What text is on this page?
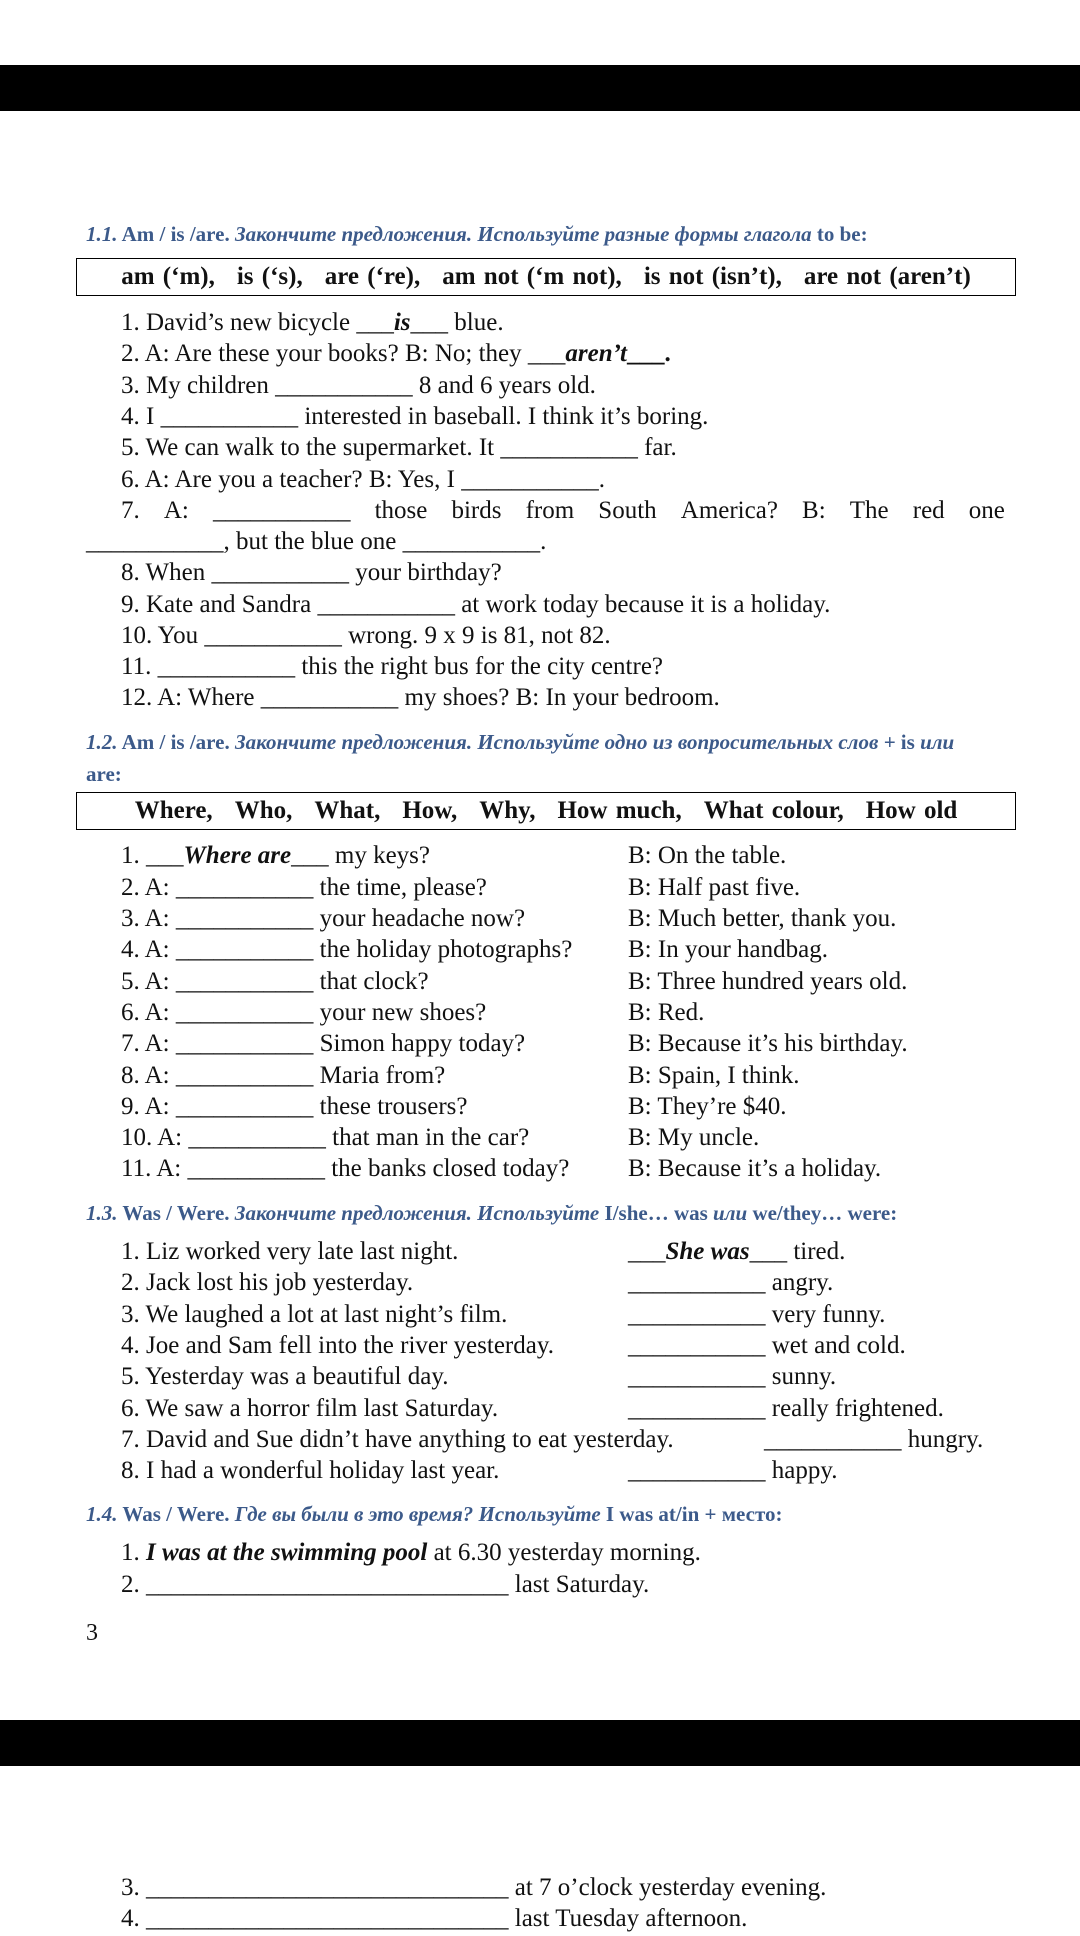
1.1. Am / is /are. Закончите предложения. Используйте разные формы глагола to be:
am (‘m), is (‘s), are (‘re), am not (‘m not), is not (isn’t), are not (aren’t)
1. David’s new bicycle ___is___ blue.
2. A: Are these your books? B: No; they ___aren’t___.
3. My children ___________ 8 and 6 years old.
4. I ___________ interested in baseball. I think it’s boring.
5. We can walk to the supermarket. It ___________ far.
6. A: Are you a teacher? B: Yes, I ___________.
7. A: ___________ those birds from South America? B: The red one
___________, but the blue one ___________.
8. When ___________ your birthday?
9. Kate and Sandra ___________ at work today because it is a holiday.
10. You ___________ wrong. 9 x 9 is 81, not 82.
11. ___________ this the right bus for the city centre?
12. A: Where ___________ my shoes? B: In your bedroom.
1.2. Am / is /are. Закончите предложения. Используйте одно из вопросительных слов + is или
are:
Where, Who, What, How, Why, How much, What colour, How old
1. ___Where are___ my keys?	B: On the table.
2. A: ___________ the time, please?	B: Half past five.
3. A: ___________ your headache now?	B: Much better, thank you.
4. A: ___________ the holiday photographs? B: In your handbag.
5. A: ___________ that clock?	B: Three hundred years old.
6. A: ___________ your new shoes?	B: Red.
7. A: ___________ Simon happy today?	B: Because it’s his birthday.
8. A: ___________ Maria from?	B: Spain, I think.
9. A: ___________ these trousers?	B: They’re $40.
10. A: ___________ that man in the car?	B: My uncle.
11. A: ___________ the banks closed today? B: Because it’s a holiday.
1.3. Was / Were. Закончите предложения. Используйте I/she… was или we/they… were:
1. Liz worked very late last night.	___She was___ tired.
2. Jack lost his job yesterday.	___________ angry.
3. We laughed a lot at last night’s film.	___________ very funny.
4. Joe and Sam fell into the river yesterday.	___________ wet and cold.
5. Yesterday was a beautiful day.	___________ sunny.
6. We saw a horror film last Saturday.	___________ really frightened.
7. David and Sue didn’t have anything to eat yesterday.	___________ hungry.
8. I had a wonderful holiday last year.	___________ happy.
1.4. Was / Were. Где вы были в это время? Используйте I was at/in + место:
1. I was at the swimming pool at 6.30 yesterday morning.
2. _____________________________ last Saturday.
3
3. _____________________________ at 7 o’clock yesterday evening.
4. _____________________________ last Tuesday afternoon.
